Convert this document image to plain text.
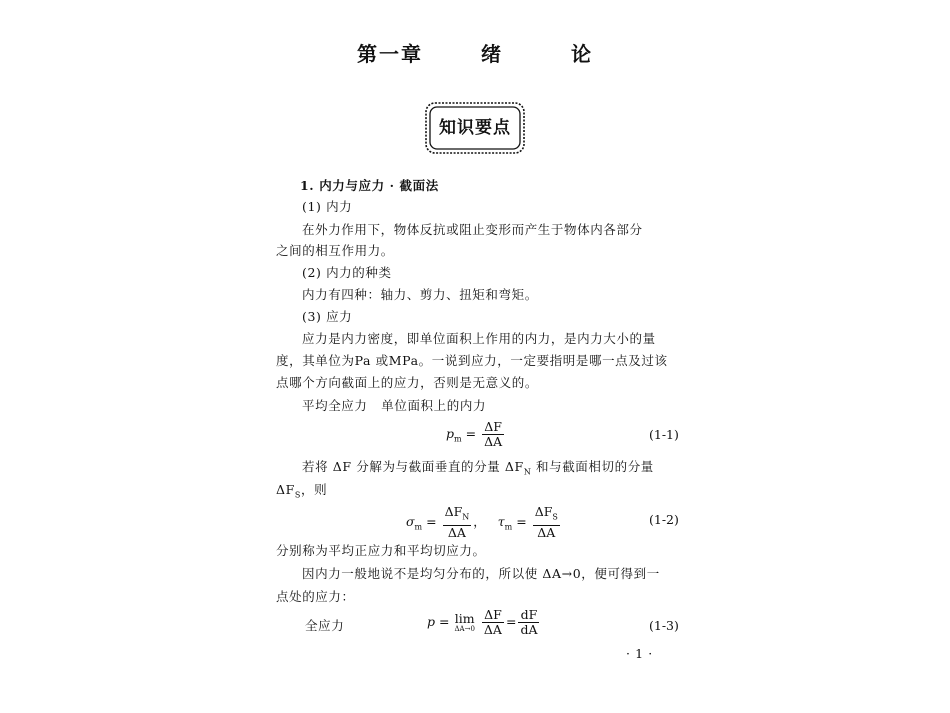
第一章	绪	论
知识要点
1. 内力与应力 · 截面法
(1) 内力
在外力作用下，物体反抗或阻止变形而产生于物体内各部分
之间的相互作用力。
(2) 内力的种类
内力有四种：轴力、剪力、扭矩和弯矩。
(3) 应力
应力是内力密度，即单位面积上作用的内力，是内力大小的量
度，其单位为Pa 或MPa。一说到应力，一定要指明是哪一点及过该
点哪个方向截面上的应力，否则是无意义的。
平均全应力 单位面积上的内力
$p_m = \frac{\Delta F}{\Delta A}$	(1-1)
若将 ΔF 分解为与截面垂直的分量 $\Delta F_N$ 和与截面相切的分量
$\Delta F_S$，则
$\sigma_m = \frac{\Delta F_N}{\Delta A}$ ， $\tau_m = \frac{\Delta F_S}{\Delta A}$	(1-2)
分别称为平均正应力和平均切应力。
因内力一般地说不是均匀分布的，所以使 ΔA→0，便可得到一
点处的应力：
全应力	p = lim
ΔA→0
$\frac{\Delta F}{\Delta A} = \frac{dF}{dA}$	(1-3)
· 1 ·
